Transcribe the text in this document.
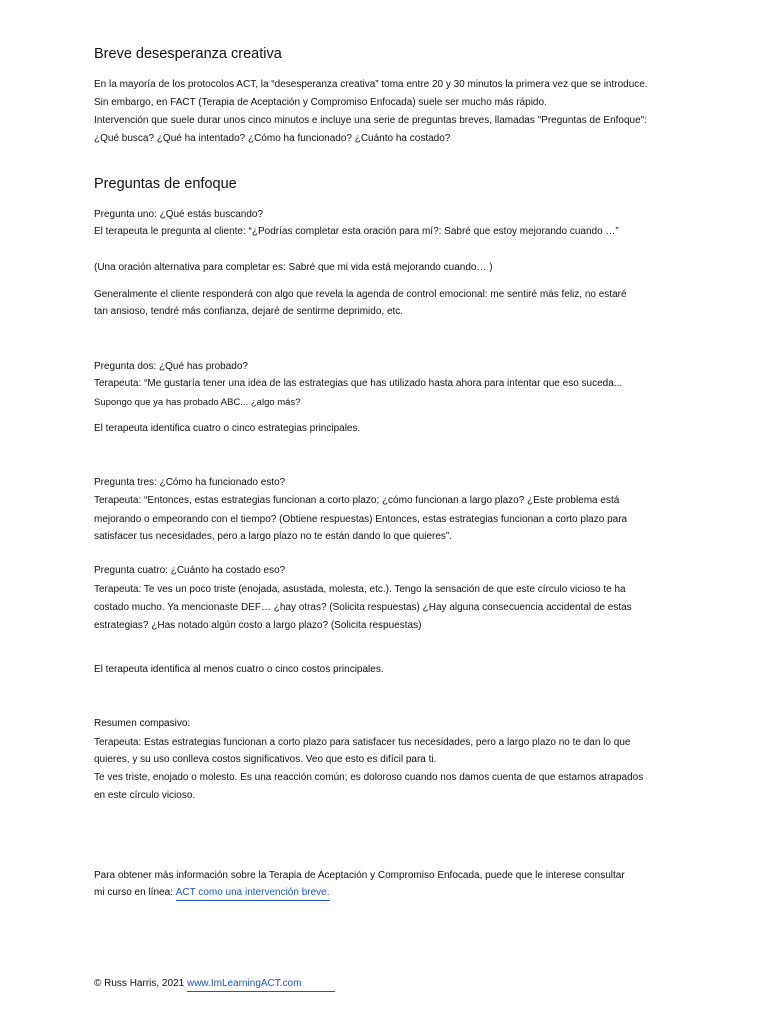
Breve desesperanza creativa
En la mayoría de los protocolos ACT, la “desesperanza creativa” toma entre 20 y 30 minutos la primera vez que se introduce.
Sin embargo, en FACT (Terapia de Aceptación y Compromiso Enfocada) suele ser mucho más rápido.
Intervención que suele durar unos cinco minutos e incluye una serie de preguntas breves, llamadas "Preguntas de Enfoque":
¿Qué busca? ¿Qué ha intentado? ¿Cómo ha funcionado? ¿Cuánto ha costado?
Preguntas de enfoque
Pregunta uno: ¿Qué estás buscando?
El terapeuta le pregunta al cliente: “¿Podrías completar esta oración para mí?: Sabré que estoy mejorando cuando …”
(Una oración alternativa para completar es: Sabré que mi vida está mejorando cuando… )
Generalmente el cliente responderá con algo que revela la agenda de control emocional: me sentiré más feliz, no estaré
tan ansioso, tendré más confianza, dejaré de sentirme deprimido, etc.
Pregunta dos: ¿Qué has probado?
Terapeuta: “Me gustaría tener una idea de las estrategias que has utilizado hasta ahora para intentar que eso suceda...
Supongo que ya has probado ABC... ¿algo más?
El terapeuta identifica cuatro o cinco estrategias principales.
Pregunta tres: ¿Cómo ha funcionado esto?
Terapeuta: “Entonces, estas estrategias funcionan a corto plazo; ¿cómo funcionan a largo plazo? ¿Este problema está
mejorando o empeorando con el tiempo? (Obtiene respuestas) Entonces, estas estrategias funcionan a corto plazo para
satisfacer tus necesidades, pero a largo plazo no te están dando lo que quieres”.
Pregunta cuatro: ¿Cuánto ha costado eso?
Terapeuta: Te ves un poco triste (enojada, asustada, molesta, etc.). Tengo la sensación de que este círculo vicioso te ha
costado mucho. Ya mencionaste DEF… ¿hay otras? (Solicita respuestas) ¿Hay alguna consecuencia accidental de estas
estrategias? ¿Has notado algún costo a largo plazo? (Solicita respuestas)
El terapeuta identifica al menos cuatro o cinco costos principales.
Resumen compasivo:
Terapeuta: Estas estrategias funcionan a corto plazo para satisfacer tus necesidades, pero a largo plazo no te dan lo que
quieres, y su uso conlleva costos significativos. Veo que esto es difícil para ti.
Te ves triste, enojado o molesto. Es una reacción común; es doloroso cuando nos damos cuenta de que estamos atrapados
en este círculo vicioso.
Para obtener más información sobre la Terapia de Aceptación y Compromiso Enfocada, puede que le interese consultar
mi curso en línea: ACT como una intervención breve.
© Russ Harris, 2021 www.ImLearningACT.com
